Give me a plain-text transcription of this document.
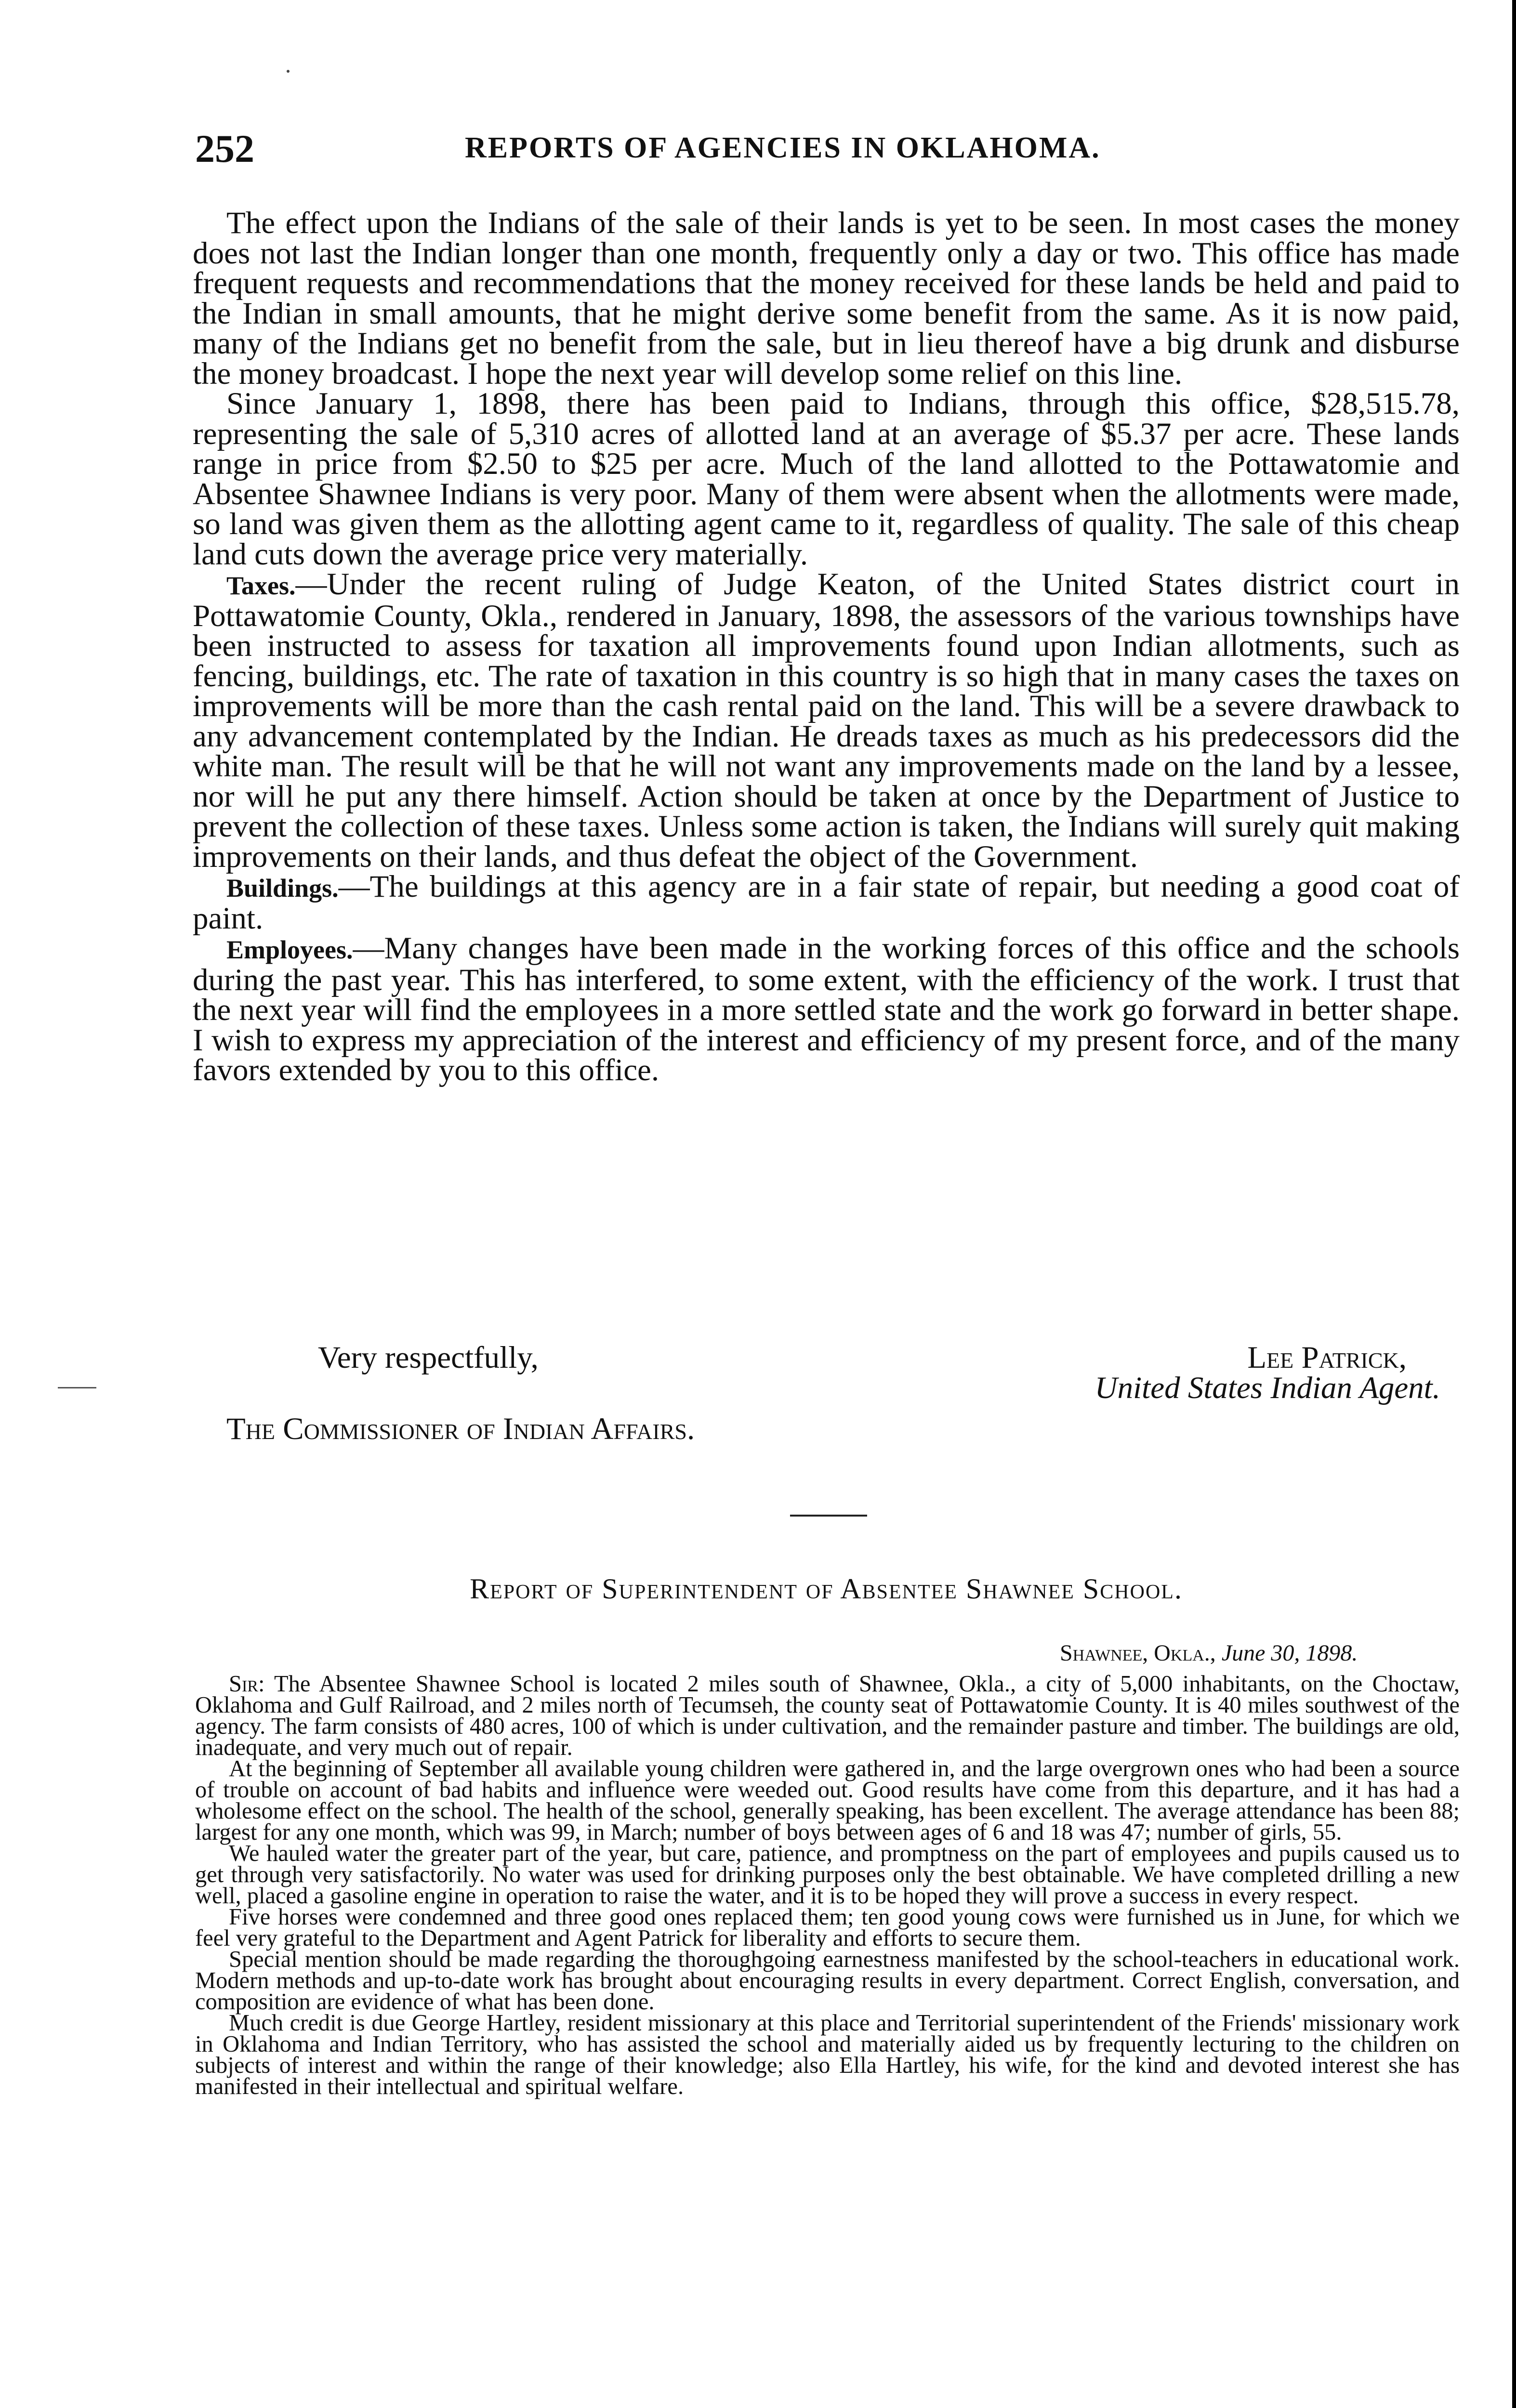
252	REPORTS OF AGENCIES IN OKLAHOMA.

The effect upon the Indians of the sale of their lands is yet to be seen. In most cases the money does not last the Indian longer than one month, frequently only a day or two. This office has made frequent requests and recommendations that the money received for these lands be held and paid to the Indian in small amounts, that he might derive some benefit from the same. As it is now paid, many of the Indians get no benefit from the sale, but in lieu thereof have a big drunk and disburse the money broadcast. I hope the next year will develop some relief on this line.

Since January 1, 1898, there has been paid to Indians, through this office, $28,515.78, representing the sale of 5,310 acres of allotted land at an average of $5.37 per acre. These lands range in price from $2.50 to $25 per acre. Much of the land allotted to the Pottawatomie and Absentee Shawnee Indians is very poor. Many of them were absent when the allotments were made, so land was given them as the allotting agent came to it, regardless of quality. The sale of this cheap land cuts down the average price very materially.

Taxes.—Under the recent ruling of Judge Keaton, of the United States district court in Pottawatomie County, Okla., rendered in January, 1898, the assessors of the various townships have been instructed to assess for taxation all improvements found upon Indian allotments, such as fencing, buildings, etc. The rate of taxation in this country is so high that in many cases the taxes on improvements will be more than the cash rental paid on the land. This will be a severe drawback to any advancement contemplated by the Indian. He dreads taxes as much as his predecessors did the white man. The result will be that he will not want any improvements made on the land by a lessee, nor will he put any there himself. Action should be taken at once by the Department of Justice to prevent the collection of these taxes. Unless some action is taken, the Indians will surely quit making improvements on their lands, and thus defeat the object of the Government.

Buildings.—The buildings at this agency are in a fair state of repair, but needing a good coat of paint.

Employees.—Many changes have been made in the working forces of this office and the schools during the past year. This has interfered, to some extent, with the efficiency of the work. I trust that the next year will find the employees in a more settled state and the work go forward in better shape. I wish to express my appreciation of the interest and efficiency of my present force, and of the many favors extended by you to this office.

Very respectfully,	Lee Patrick,
United States Indian Agent.
The Commissioner of Indian Affairs.
Report of Superintendent of Absentee Shawnee School.
Shawnee, Okla., June 30, 1898.

Sir: The Absentee Shawnee School is located 2 miles south of Shawnee, Okla., a city of 5,000 inhabitants, on the Choctaw, Oklahoma and Gulf Railroad, and 2 miles north of Tecumseh, the county seat of Pottawatomie County. It is 40 miles southwest of the agency. The farm consists of 480 acres, 100 of which is under cultivation, and the remainder pasture and timber. The buildings are old, inadequate, and very much out of repair.

At the beginning of September all available young children were gathered in, and the large overgrown ones who had been a source of trouble on account of bad habits and influence were weeded out. Good results have come from this departure, and it has had a wholesome effect on the school. The health of the school, generally speaking, has been excellent. The average attendance has been 88; largest for any one month, which was 99, in March; number of boys between ages of 6 and 18 was 47; number of girls, 55.

We hauled water the greater part of the year, but care, patience, and promptness on the part of employees and pupils caused us to get through very satisfactorily. No water was used for drinking purposes only the best obtainable. We have completed drilling a new well, placed a gasoline engine in operation to raise the water, and it is to be hoped they will prove a success in every respect.

Five horses were condemned and three good ones replaced them; ten good young cows were furnished us in June, for which we feel very grateful to the Department and Agent Patrick for liberality and efforts to secure them.

Special mention should be made regarding the thoroughgoing earnestness manifested by the school-teachers in educational work. Modern methods and up-to-date work has brought about encouraging results in every department. Correct English, conversation, and composition are evidence of what has been done.

Much credit is due George Hartley, resident missionary at this place and Territorial superintendent of the Friends' missionary work in Oklahoma and Indian Territory, who has assisted the school and materially aided us by frequently lecturing to the children on subjects of interest and within the range of their knowledge; also Ella Hartley, his wife, for the kind and devoted interest she has manifested in their intellectual and spiritual welfare.
